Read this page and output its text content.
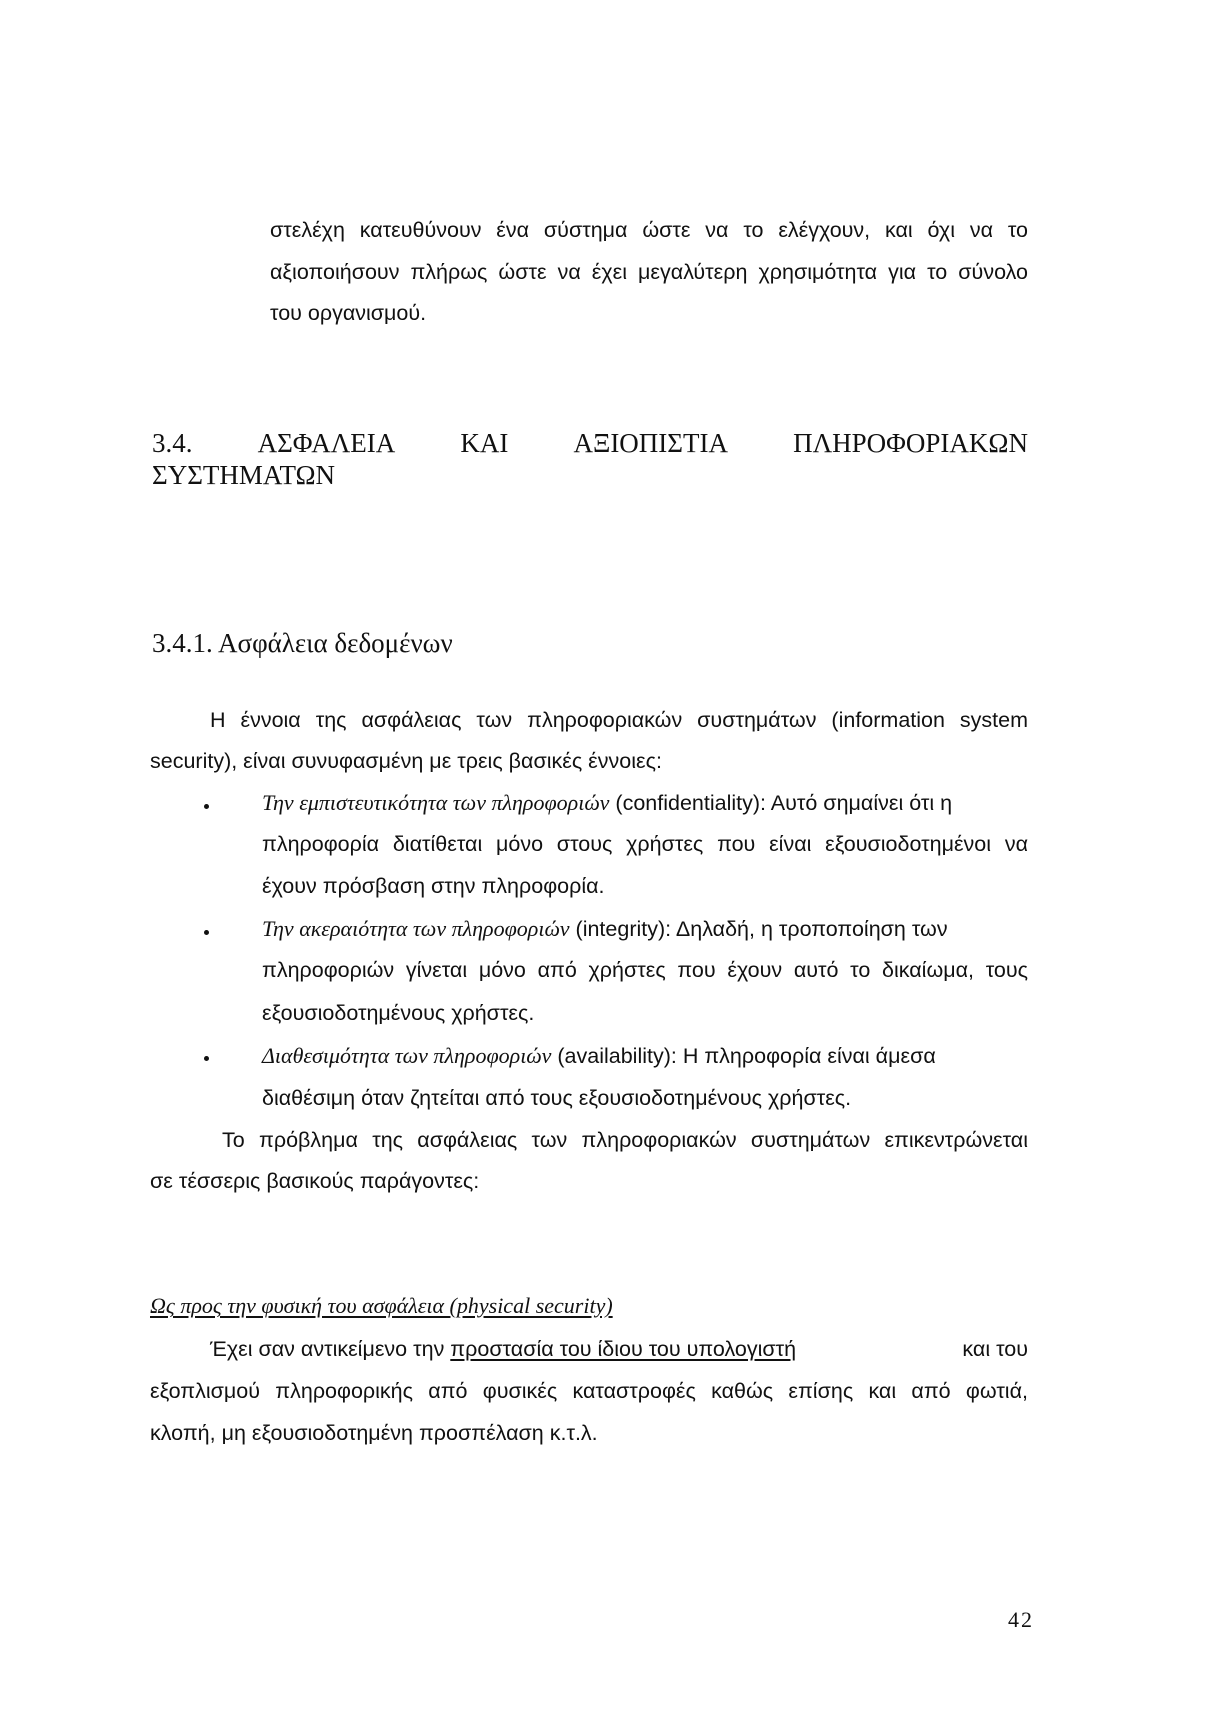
στελέχη κατευθύνουν ένα σύστημα ώστε να το ελέγχουν, και όχι να το
αξιοποιήσουν πλήρως ώστε να έχει μεγαλύτερη χρησιμότητα για το σύνολο
του οργανισμού.
3.4. ΑΣΦΑΛΕΙΑ ΚΑΙ ΑΞΙΟΠΙΣΤΙΑ ΠΛΗΡΟΦΟΡΙΑΚΩΝ
ΣΥΣΤΗΜΑΤΩΝ
3.4.1. Ασφάλεια δεδομένων
Η έννοια της ασφάλειας των πληροφοριακών συστημάτων (information system
security), είναι συνυφασμένη με τρεις βασικές έννοιες:
Την εμπιστευτικότητα των πληροφοριών (confidentiality): Αυτό σημαίνει ότι η
πληροφορία διατίθεται μόνο στους χρήστες που είναι εξουσιοδοτημένοι να
έχουν πρόσβαση στην πληροφορία.
Την ακεραιότητα των πληροφοριών (integrity): Δηλαδή, η τροποποίηση των
πληροφοριών γίνεται μόνο από χρήστες που έχουν αυτό το δικαίωμα, τους
εξουσιοδοτημένους χρήστες.
Διαθεσιμότητα των πληροφοριών (availability): Η πληροφορία είναι άμεσα
διαθέσιμη όταν ζητείται από τους εξουσιοδοτημένους χρήστες.
Το πρόβλημα της ασφάλειας των πληροφοριακών συστημάτων επικεντρώνεται
σε τέσσερις βασικούς παράγοντες:
Ως προς την φυσική του ασφάλεια (physical security)
Έχει σαν αντικείμενο την προστασία του ίδιου του υπολογιστή	και του
εξοπλισμού πληροφορικής από φυσικές καταστροφές καθώς επίσης και από φωτιά,
κλοπή, μη εξουσιοδοτημένη προσπέλαση κ.τ.λ.
42
